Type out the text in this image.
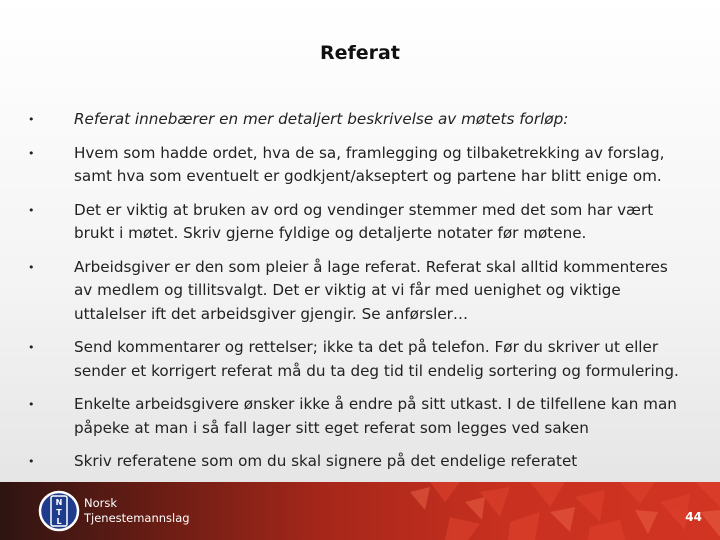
Referat
•	Referat innebærer en mer detaljert beskrivelse av møtets forløp:
•	Hvem som hadde ordet, hva de sa, framlegging og tilbaketrekking av forslag, samt hva som eventuelt er godkjent/akseptert og partene har blitt enige om.
•	Det er viktig at bruken av ord og vendinger stemmer med det som har vært brukt i møtet. Skriv gjerne fyldige og detaljerte notater før møtene.
•	Arbeidsgiver er den som pleier å lage referat. Referat skal alltid kommenteres av medlem og tillitsvalgt. Det er viktig at vi får med uenighet og viktige uttalelser ift det arbeidsgiver gjengir. Se anførsler…
•	Send kommentarer og rettelser; ikke ta det på telefon. Før du skriver ut eller sender et korrigert referat må du ta deg tid til endelig sortering og formulering.
•	Enkelte arbeidsgivere ønsker ikke å endre på sitt utkast. I de tilfellene kan man påpeke at man i så fall lager sitt eget referat som legges ved saken
•	Skriv referatene som om du skal signere på det endelige referatet
N
T
L
Norsk
Tjenestemannslag	44
